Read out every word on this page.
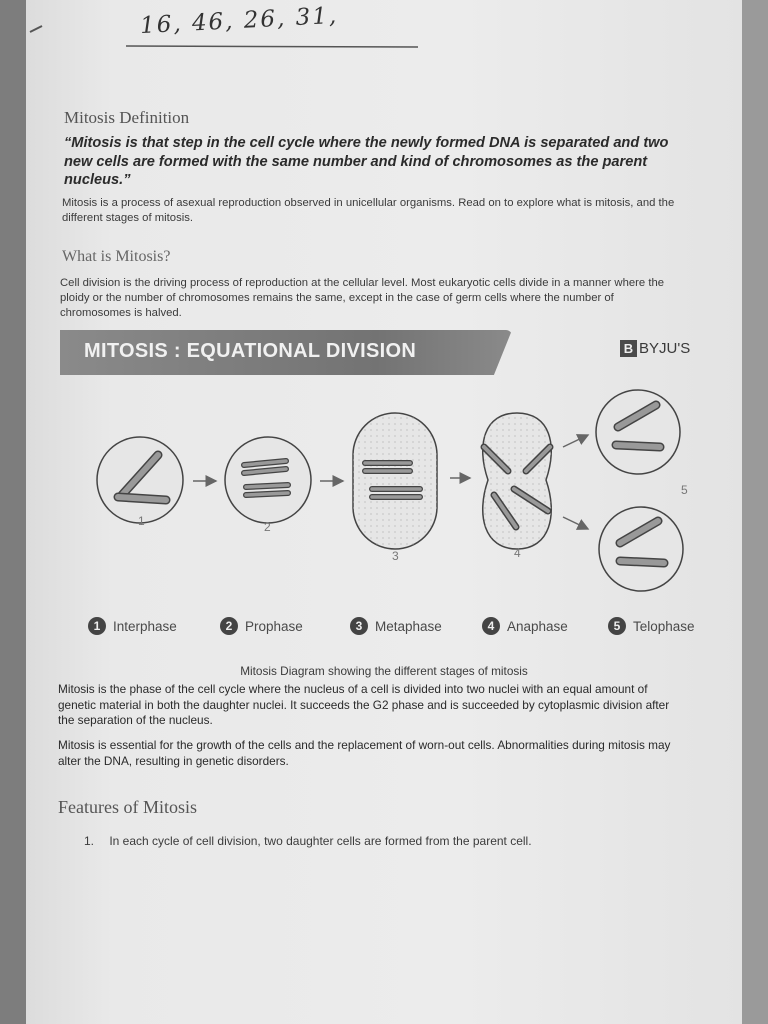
16, 46, 26, 31,
Mitosis Definition
“Mitosis is that step in the cell cycle where the newly formed DNA is separated and two new cells are formed with the same number and kind of chromosomes as the parent nucleus.”
Mitosis is a process of asexual reproduction observed in unicellular organisms. Read on to explore what is mitosis, and the different stages of mitosis.
What is Mitosis?
Cell division is the driving process of reproduction at the cellular level. Most eukaryotic cells divide in a manner where the ploidy or the number of chromosomes remains the same, except in the case of germ cells where the number of chromosomes is halved.
MITOSIS : EQUATIONAL DIVISION	B BYJU'S
1	2
3	4
5
1 Interphase	2 Prophase	3 Metaphase	4 Anaphase	5 Telophase
Mitosis Diagram showing the different stages of mitosis
Mitosis is the phase of the cell cycle where the nucleus of a cell is divided into two nuclei with an equal amount of genetic material in both the daughter nuclei. It succeeds the G2 phase and is succeeded by cytoplasmic division after the separation of the nucleus.
Mitosis is essential for the growth of the cells and the replacement of worn-out cells. Abnormalities during mitosis may alter the DNA, resulting in genetic disorders.
Features of Mitosis
1. In each cycle of cell division, two daughter cells are formed from the parent cell.
